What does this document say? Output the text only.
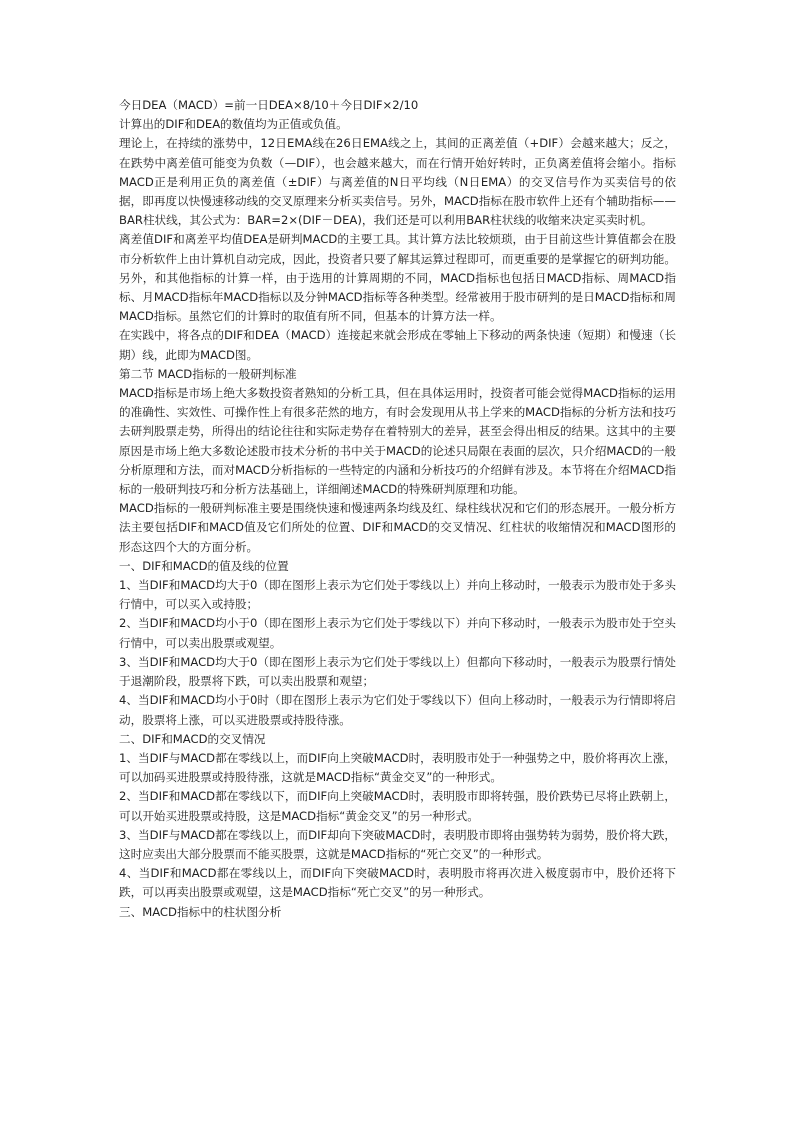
今日DEA（MACD）=前一日DEA×8/10＋今日DIF×2/10

计算出的DIF和DEA的数值均为正值或负值。

理论上，在持续的涨势中，12日EMA线在26日EMA线之上，其间的正离差值（+DIF）会越来越大；反之，在跌势中离差值可能变为负数（—DIF），也会越来越大，而在行情开始好转时，正负离差值将会缩小。指标MACD正是利用正负的离差值（±DIF）与离差值的N日平均线（N日EMA）的交叉信号作为买卖信号的依据，即再度以快慢速移动线的交叉原理来分析买卖信号。另外，MACD指标在股市软件上还有个辅助指标——BAR柱状线，其公式为：BAR=2×(DIF－DEA)，我们还是可以利用BAR柱状线的收缩来决定买卖时机。

离差值DIF和离差平均值DEA是研判MACD的主要工具。其计算方法比较烦琐，由于目前这些计算值都会在股市分析软件上由计算机自动完成，因此，投资者只要了解其运算过程即可，而更重要的是掌握它的研判功能。另外，和其他指标的计算一样，由于选用的计算周期的不同，MACD指标也包括日MACD指标、周MACD指标、月MACD指标年MACD指标以及分钟MACD指标等各种类型。经常被用于股市研判的是日MACD指标和周MACD指标。虽然它们的计算时的取值有所不同，但基本的计算方法一样。

在实践中，将各点的DIF和DEA（MACD）连接起来就会形成在零轴上下移动的两条快速（短期）和慢速（长期）线，此即为MACD图。

第二节 MACD指标的一般研判标准

MACD指标是市场上绝大多数投资者熟知的分析工具，但在具体运用时，投资者可能会觉得MACD指标的运用的准确性、实效性、可操作性上有很多茫然的地方，有时会发现用从书上学来的MACD指标的分析方法和技巧去研判股票走势，所得出的结论往往和实际走势存在着特别大的差异，甚至会得出相反的结果。这其中的主要原因是市场上绝大多数论述股市技术分析的书中关于MACD的论述只局限在表面的层次，只介绍MACD的一般分析原理和方法，而对MACD分析指标的一些特定的内涵和分析技巧的介绍鲜有涉及。本节将在介绍MACD指标的一般研判技巧和分析方法基础上，详细阐述MACD的特殊研判原理和功能。

MACD指标的一般研判标准主要是围绕快速和慢速两条均线及红、绿柱线状况和它们的形态展开。一般分析方法主要包括DIF和MACD值及它们所处的位置、DIF和MACD的交叉情况、红柱状的收缩情况和MACD图形的形态这四个大的方面分析。

一、DIF和MACD的值及线的位置

1、当DIF和MACD均大于0（即在图形上表示为它们处于零线以上）并向上移动时，一般表示为股市处于多头行情中，可以买入或持股；

2、当DIF和MACD均小于0（即在图形上表示为它们处于零线以下）并向下移动时，一般表示为股市处于空头行情中，可以卖出股票或观望。

3、当DIF和MACD均大于0（即在图形上表示为它们处于零线以上）但都向下移动时，一般表示为股票行情处于退潮阶段，股票将下跌，可以卖出股票和观望；

4、当DIF和MACD均小于0时（即在图形上表示为它们处于零线以下）但向上移动时，一般表示为行情即将启动，股票将上涨，可以买进股票或持股待涨。

二、DIF和MACD的交叉情况

1、当DIF与MACD都在零线以上，而DIF向上突破MACD时，表明股市处于一种强势之中，股价将再次上涨，可以加码买进股票或持股待涨，这就是MACD指标“黄金交叉”的一种形式。

2、当DIF和MACD都在零线以下，而DIF向上突破MACD时，表明股市即将转强，股价跌势已尽将止跌朝上，可以开始买进股票或持股，这是MACD指标“黄金交叉”的另一种形式。

3、当DIF与MACD都在零线以上，而DIF却向下突破MACD时，表明股市即将由强势转为弱势，股价将大跌，这时应卖出大部分股票而不能买股票，这就是MACD指标的“死亡交叉”的一种形式。

4、当DIF和MACD都在零线以上，而DIF向下突破MACD时，表明股市将再次进入极度弱市中，股价还将下跌，可以再卖出股票或观望，这是MACD指标“死亡交叉”的另一种形式。

三、MACD指标中的柱状图分析
